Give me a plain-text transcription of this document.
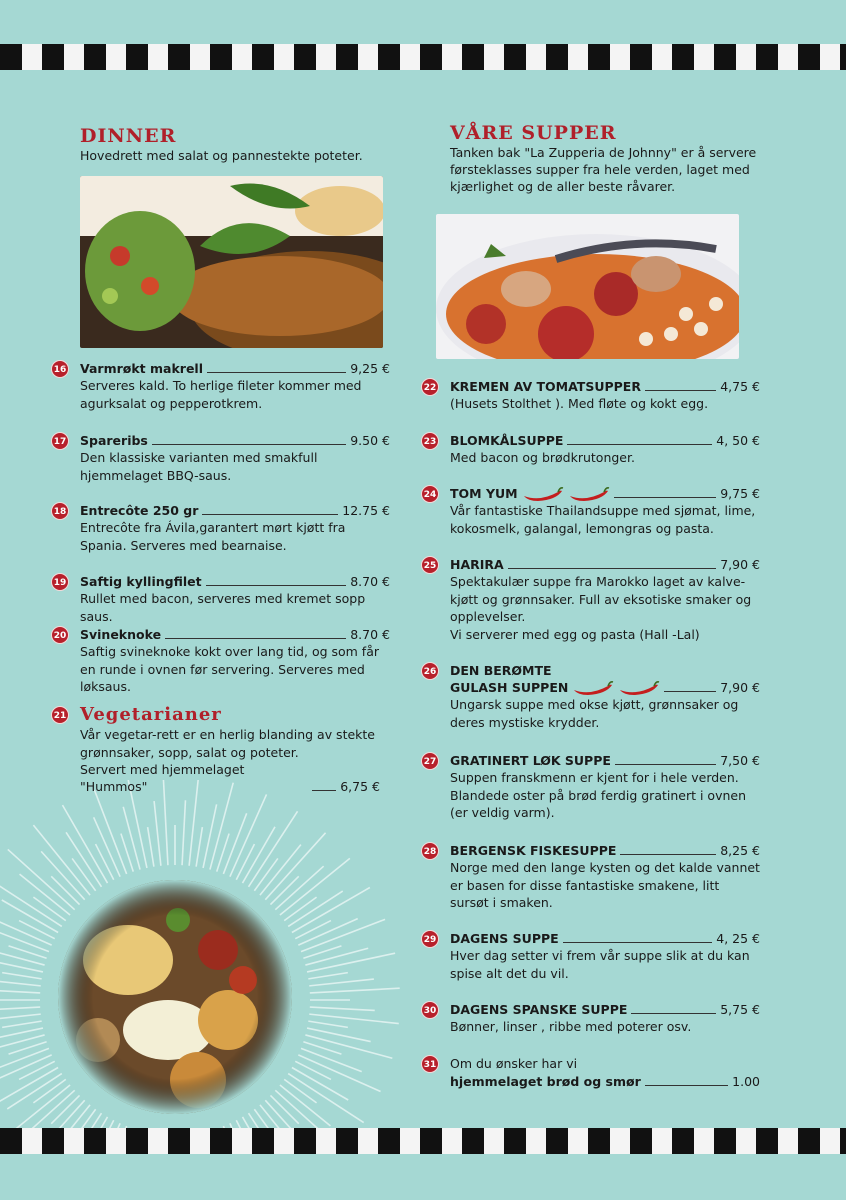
DINNER

Hovedrett med salat og pannestekte poteter.

16 Varmrøkt makrell	9,25 €

Serveres kald. To herlige fileter kommer med agurksalat og pepperotkrem.

17 Spareribs	9.50 €

Den klassiske varianten med smakfull hjemmelaget BBQ-saus.

18 Entrecôte 250 gr	12.75 €

Entrecôte fra Ávila,garantert mørt kjøtt fra Spania. Serveres med bearnaise.

19 Saftig kyllingfilet	8.70 €

Rullet med bacon, serveres med kremet sopp saus.

20 Svineknoke	8.70 €

Saftig svineknoke kokt over lang tid, og som får en runde i ovnen før servering. Serveres med løksaus.

21 Vegetarianer

Vår vegetar-rett er en herlig blanding av stekte grønnsaker, sopp, salat og poteter.

Servert med hjemmelaget "Hummos"	6,75 €
VÅRE SUPPER

Tanken bak "La Zupperia de Johnny" er å servere førsteklasses supper fra hele verden, laget med kjærlighet og de aller beste råvarer.

22 KREMEN AV TOMATSUPPER	4,75 €

(Husets Stolthet ). Med fløte og kokt egg.

23 BLOMKÅLSUPPE	4, 50 €

Med bacon og brødkrutonger.

24 TOM YUM	9,75 €

Vår fantastiske Thailandsuppe med sjømat, lime, kokosmelk, galangal, lemongras og pasta.

25 HARIRA	7,90 €

Spektakulær suppe fra Marokko laget av kalve-kjøtt og grønnsaker. Full av eksotiske smaker og opplevelser.

Vi serverer med egg og pasta (Hall -Lal)

26 DEN BERØMTE
GULASH SUPPEN	7,90 €

Ungarsk suppe med okse kjøtt, grønnsaker og deres mystiske krydder.

27 GRATINERT LØK SUPPE	7,50 €

Suppen franskmenn er kjent for i hele verden. Blandede oster på brød ferdig gratinert i ovnen (er veldig varm).

28 BERGENSK FISKESUPPE	8,25 €

Norge med den lange kysten og det kalde vannet er basen for disse fantastiske smakene, litt sursøt i smaken.

29 DAGENS SUPPE	4, 25 €

Hver dag setter vi frem vår suppe slik at du kan spise alt det du vil.

30 DAGENS SPANSKE SUPPE	5,75 €

Bønner, linser , ribbe med poterer osv.

31 Om du ønsker har vi

hjemmelaget brød og smør	1.00
